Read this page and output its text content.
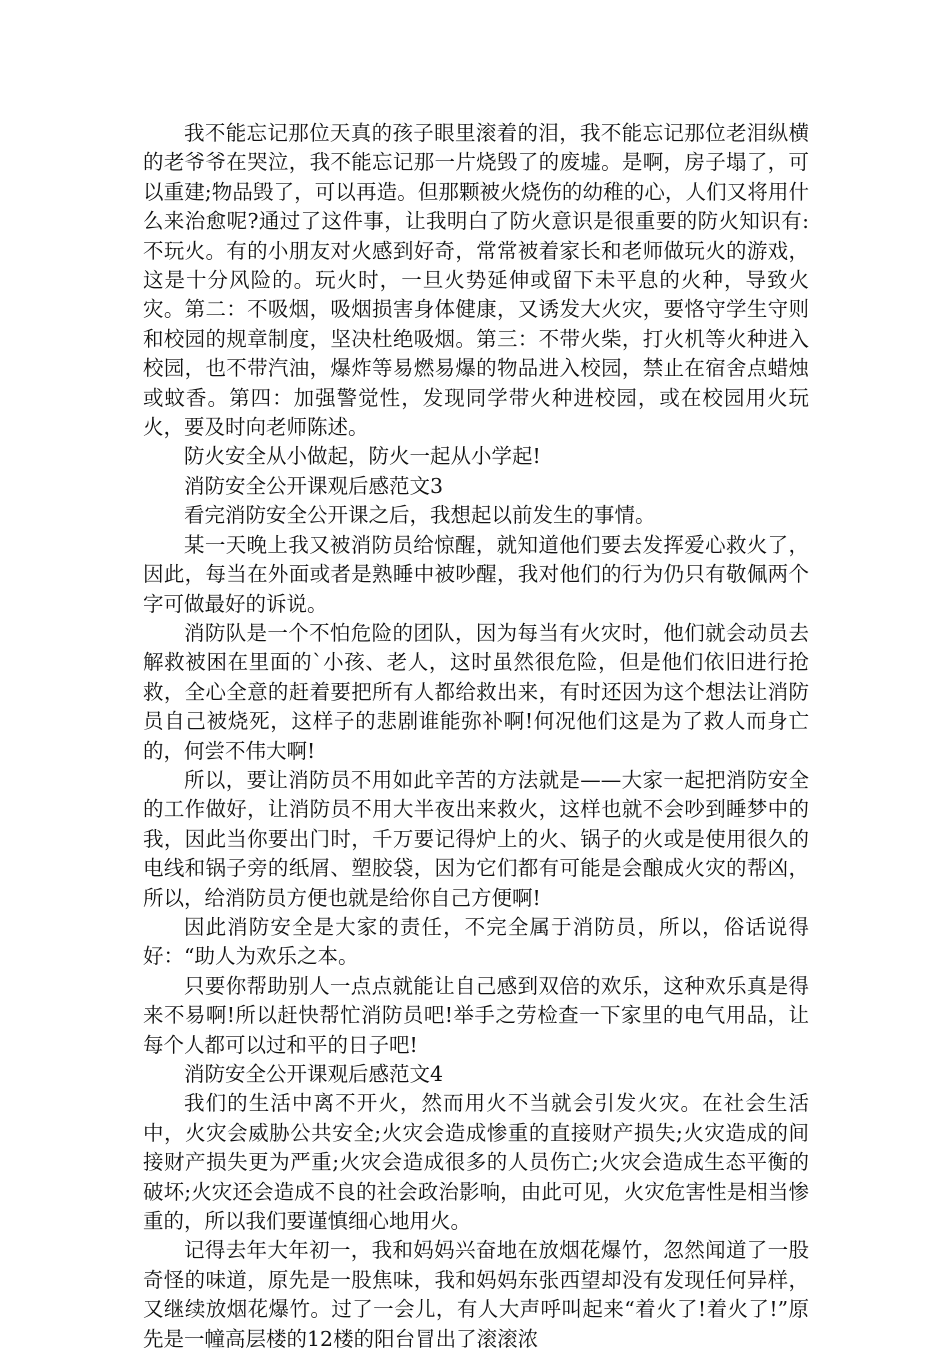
我不能忘记那位天真的孩子眼里滚着的泪，我不能忘记那位老泪纵横的老爷爷在哭泣，我不能忘记那一片烧毁了的废墟。是啊，房子塌了，可以重建;物品毁了，可以再造。但那颗被火烧伤的幼稚的心，人们又将用什么来治愈呢?通过了这件事，让我明白了防火意识是很重要的防火知识有:不玩火。有的小朋友对火感到好奇，常常被着家长和老师做玩火的游戏，这是十分风险的。玩火时，一旦火势延伸或留下未平息的火种，导致火灾。第二：不吸烟，吸烟损害身体健康，又诱发大火灾，要恪守学生守则和校园的规章制度，坚决杜绝吸烟。第三：不带火柴，打火机等火种进入校园，也不带汽油，爆炸等易燃易爆的物品进入校园，禁止在宿舍点蜡烛或蚊香。第四：加强警觉性，发现同学带火种进校园，或在校园用火玩火，要及时向老师陈述。

防火安全从小做起，防火一起从小学起!

消防安全公开课观后感范文3

看完消防安全公开课之后，我想起以前发生的事情。

某一天晚上我又被消防员给惊醒，就知道他们要去发挥爱心救火了，因此，每当在外面或者是熟睡中被吵醒，我对他们的行为仍只有敬佩两个字可做最好的诉说。

消防队是一个不怕危险的团队，因为每当有火灾时，他们就会动员去解救被困在里面的`小孩、老人，这时虽然很危险，但是他们依旧进行抢救，全心全意的赶着要把所有人都给救出来，有时还因为这个想法让消防员自己被烧死，这样子的悲剧谁能弥补啊!何况他们这是为了救人而身亡的，何尝不伟大啊!

所以，要让消防员不用如此辛苦的方法就是——大家一起把消防安全的工作做好，让消防员不用大半夜出来救火，这样也就不会吵到睡梦中的我，因此当你要出门时，千万要记得炉上的火、锅子的火或是使用很久的电线和锅子旁的纸屑、塑胶袋，因为它们都有可能是会酿成火灾的帮凶，所以，给消防员方便也就是给你自己方便啊!

因此消防安全是大家的责任，不完全属于消防员，所以，俗话说得好：“助人为欢乐之本。

只要你帮助别人一点点就能让自己感到双倍的欢乐，这种欢乐真是得来不易啊!所以赶快帮忙消防员吧!举手之劳检查一下家里的电气用品，让每个人都可以过和平的日子吧!

消防安全公开课观后感范文4

我们的生活中离不开火，然而用火不当就会引发火灾。在社会生活中，火灾会威胁公共安全;火灾会造成惨重的直接财产损失;火灾造成的间接财产损失更为严重;火灾会造成很多的人员伤亡;火灾会造成生态平衡的破坏;火灾还会造成不良的社会政治影响，由此可见，火灾危害性是相当惨重的，所以我们要谨慎细心地用火。

记得去年大年初一，我和妈妈兴奋地在放烟花爆竹，忽然闻道了一股奇怪的味道，原先是一股焦味，我和妈妈东张西望却没有发现任何异样，又继续放烟花爆竹。过了一会儿，有人大声呼叫起来“着火了!着火了!”原先是一幢高层楼的12楼的阳台冒出了滚滚浓
